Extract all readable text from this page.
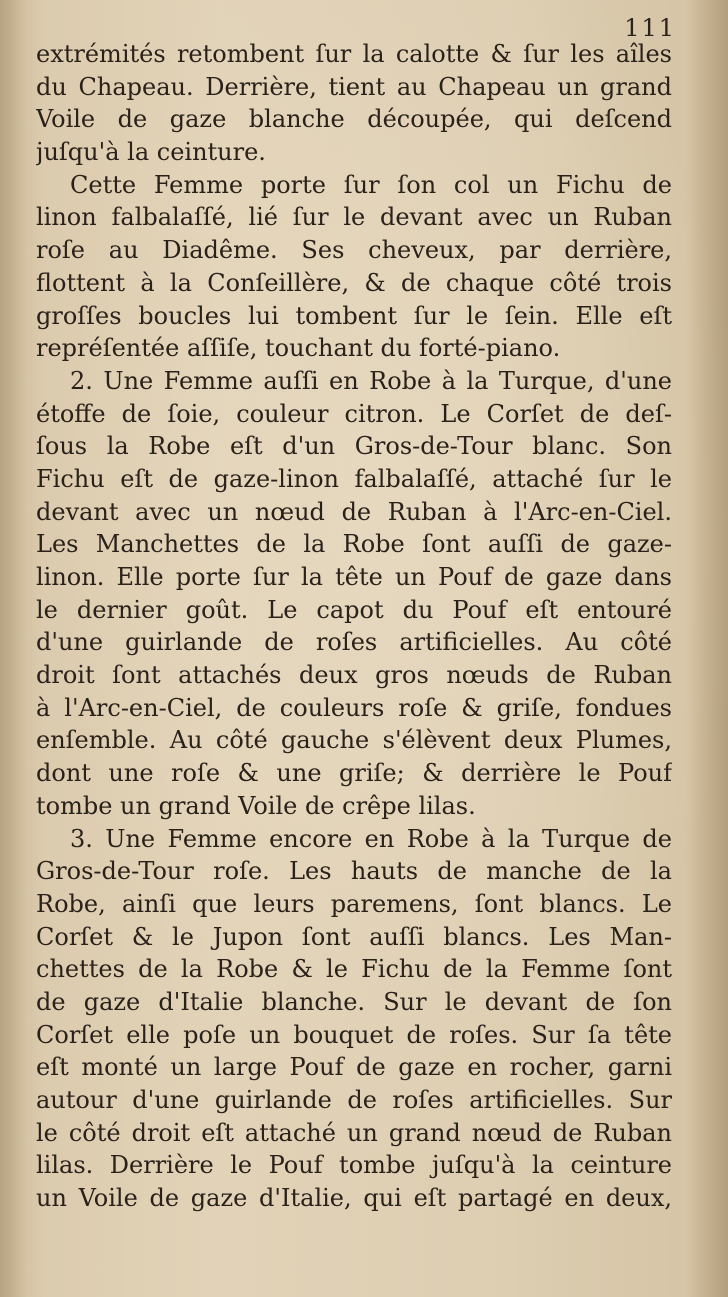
111
extrémités retombent ſur la calotte & ſur les aîles
du Chapeau. Derrière, tient au Chapeau un grand
Voile de gaze blanche découpée, qui deſcend
juſqu'à la ceinture.
Cette Femme porte ſur ſon col un Fichu de
linon falbalaſſé, lié ſur le devant avec un Ruban
roſe au Diadême. Ses cheveux, par derrière,
flottent à la Conſeillère, & de chaque côté trois
groſſes boucles lui tombent ſur le ſein. Elle eſt
repréſentée aſſiſe, touchant du forté-piano.
2. Une Femme auſſi en Robe à la Turque, d'une
étoffe de ſoie, couleur citron. Le Corſet de deſ-
ſous la Robe eſt d'un Gros-de-Tour blanc. Son
Fichu eſt de gaze-linon falbalaſſé, attaché ſur le
devant avec un nœud de Ruban à l'Arc-en-Ciel.
Les Manchettes de la Robe ſont auſſi de gaze-
linon. Elle porte ſur la tête un Pouf de gaze dans
le dernier goût. Le capot du Pouf eſt entouré
d'une guirlande de roſes artificielles. Au côté
droit ſont attachés deux gros nœuds de Ruban
à l'Arc-en-Ciel, de couleurs roſe & griſe, fondues
enſemble. Au côté gauche s'élèvent deux Plumes,
dont une roſe & une griſe; & derrière le Pouf
tombe un grand Voile de crêpe lilas.
3. Une Femme encore en Robe à la Turque de
Gros-de-Tour roſe. Les hauts de manche de la
Robe, ainſi que leurs paremens, ſont blancs. Le
Corſet & le Jupon ſont auſſi blancs. Les Man-
chettes de la Robe & le Fichu de la Femme ſont
de gaze d'Italie blanche. Sur le devant de ſon
Corſet elle poſe un bouquet de roſes. Sur ſa tête
eſt monté un large Pouf de gaze en rocher, garni
autour d'une guirlande de roſes artificielles. Sur
le côté droit eſt attaché un grand nœud de Ruban
lilas. Derrière le Pouf tombe juſqu'à la ceinture
un Voile de gaze d'Italie, qui eſt partagé en deux,
